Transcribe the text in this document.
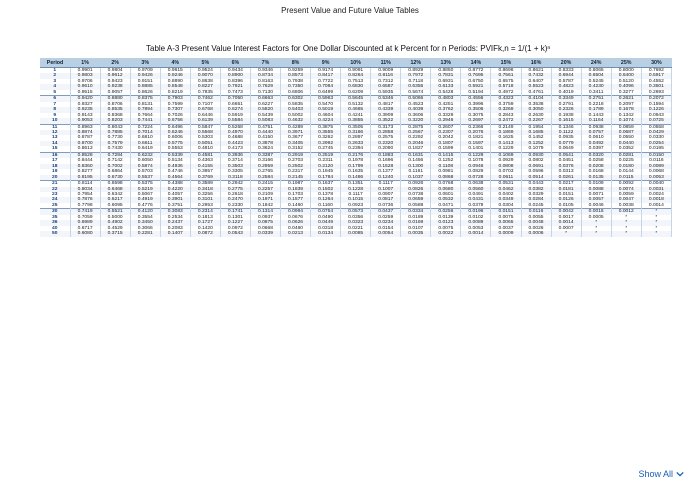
Present Value and Future Value Tables
Table A-3 Present Value Interest Factors for One Dollar Discounted at k Percent for n Periods: PVIFk,n = 1/(1 + k)ⁿ
Period	1%	2%	3%	4%	5%	6%	7%	8%	9%	10%	11%	12%	13%	14%	15%	16%	20%	24%	25%	30%
1	0.9901	0.9804	0.9709	0.9615	0.9524	0.9434	0.9346	0.9259	0.9174	0.9091	0.9009	0.8929	0.8850	0.8772	0.8696	0.8621	0.8333	0.8065	0.8000	0.7692
2	0.9803	0.9612	0.9426	0.9246	0.9070	0.8900	0.8734	0.8573	0.8417	0.8264	0.8116	0.7972	0.7831	0.7695	0.7561	0.7432	0.6944	0.6504	0.6400	0.5917
3	0.9706	0.9423	0.9151	0.8890	0.8638	0.8396	0.8163	0.7938	0.7722	0.7513	0.7312	0.7118	0.6931	0.6750	0.6575	0.6407	0.5787	0.5245	0.5120	0.4552
4	0.9610	0.9238	0.8885	0.8548	0.8227	0.7921	0.7629	0.7350	0.7084	0.6830	0.6587	0.6355	0.6133	0.5921	0.5718	0.5523	0.4823	0.4230	0.4096	0.3501
5	0.9515	0.9057	0.8626	0.8219	0.7835	0.7473	0.7130	0.6806	0.6499	0.6209	0.5935	0.5674	0.5428	0.5194	0.4972	0.4761	0.4019	0.3411	0.3277	0.2693
6	0.9420	0.8880	0.8375	0.7903	0.7462	0.7050	0.6663	0.6302	0.5963	0.5645	0.5346	0.5066	0.4803	0.4556	0.4323	0.4104	0.3349	0.2751	0.2621	0.2072
7	0.9327	0.8706	0.8131	0.7599	0.7107	0.6651	0.6227	0.5835	0.5470	0.5132	0.4817	0.4523	0.4251	0.3996	0.3759	0.3538	0.2791	0.2218	0.2097	0.1594
8	0.9235	0.8535	0.7894	0.7307	0.6768	0.6274	0.5820	0.5403	0.5019	0.4665	0.4339	0.4039	0.3762	0.3506	0.3269	0.3050	0.2326	0.1789	0.1678	0.1226
9	0.9143	0.8368	0.7664	0.7026	0.6446	0.5919	0.5439	0.5002	0.4604	0.4241	0.3909	0.3606	0.3329	0.3075	0.2843	0.2630	0.1938	0.1443	0.1342	0.0943
10	0.9053	0.8203	0.7441	0.6756	0.6139	0.5584	0.5083	0.4632	0.4224	0.3855	0.3522	0.3220	0.2946	0.2697	0.2472	0.2267	0.1615	0.1164	0.1074	0.0725
11	0.8963	0.8043	0.7224	0.6496	0.5847	0.5268	0.4751	0.4289	0.3875	0.3505	0.3173	0.2875	0.2607	0.2366	0.2149	0.1954	0.1346	0.0938	0.0859	0.0558
12	0.8874	0.7885	0.7014	0.6246	0.5568	0.4970	0.4440	0.3971	0.3555	0.3186	0.2858	0.2567	0.2307	0.2076	0.1869	0.1685	0.1122	0.0757	0.0687	0.0429
13	0.8787	0.7730	0.6810	0.6006	0.5303	0.4688	0.4150	0.3677	0.3262	0.2897	0.2575	0.2292	0.2042	0.1821	0.1625	0.1452	0.0935	0.0610	0.0550	0.0330
14	0.8700	0.7579	0.6611	0.5775	0.5051	0.4423	0.3878	0.3405	0.2992	0.2633	0.2320	0.2046	0.1807	0.1597	0.1413	0.1252	0.0779	0.0492	0.0440	0.0254
15	0.8613	0.7430	0.6419	0.5553	0.4810	0.4173	0.3624	0.3152	0.2745	0.2394	0.2090	0.1827	0.1599	0.1401	0.1229	0.1079	0.0649	0.0397	0.0352	0.0195
16	0.8528	0.7284	0.6232	0.5339	0.4581	0.3936	0.3387	0.2919	0.2519	0.2176	0.1883	0.1631	0.1415	0.1229	0.1069	0.0930	0.0541	0.0320	0.0281	0.0150
17	0.8444	0.7142	0.6050	0.5134	0.4363	0.3714	0.3166	0.2703	0.2311	0.1978	0.1696	0.1456	0.1252	0.1078	0.0929	0.0802	0.0451	0.0258	0.0225	0.0116
18	0.8360	0.7002	0.5874	0.4936	0.4155	0.3503	0.2959	0.2502	0.2120	0.1799	0.1528	0.1300	0.1108	0.0946	0.0808	0.0691	0.0376	0.0208	0.0180	0.0089
19	0.8277	0.6864	0.5703	0.4746	0.3957	0.3305	0.2765	0.2317	0.1945	0.1635	0.1377	0.1161	0.0981	0.0829	0.0703	0.0596	0.0313	0.0168	0.0144	0.0068
20	0.8195	0.6730	0.5537	0.4564	0.3769	0.3118	0.2584	0.2145	0.1784	0.1486	0.1240	0.1037	0.0868	0.0728	0.0611	0.0514	0.0261	0.0135	0.0115	0.0053
21	0.8114	0.6598	0.5375	0.4388	0.3589	0.2942	0.2415	0.1987	0.1637	0.1351	0.1117	0.0926	0.0768	0.0638	0.0531	0.0443	0.0217	0.0109	0.0092	0.0040
22	0.8034	0.6468	0.5219	0.4220	0.3418	0.2775	0.2257	0.1839	0.1502	0.1228	0.1007	0.0826	0.0680	0.0560	0.0462	0.0382	0.0181	0.0088	0.0074	0.0031
23	0.7954	0.6342	0.5067	0.4057	0.3256	0.2618	0.2109	0.1703	0.1378	0.1117	0.0907	0.0738	0.0601	0.0491	0.0402	0.0329	0.0151	0.0071	0.0059	0.0024
24	0.7876	0.6217	0.4919	0.3901	0.3101	0.2470	0.1971	0.1577	0.1264	0.1015	0.0817	0.0659	0.0532	0.0431	0.0349	0.0284	0.0126	0.0057	0.0047	0.0018
25	0.7798	0.6095	0.4776	0.3751	0.2953	0.2330	0.1842	0.1460	0.1160	0.0923	0.0736	0.0588	0.0471	0.0378	0.0304	0.0245	0.0105	0.0046	0.0038	0.0014
30	0.7419	0.5521	0.4120	0.3083	0.2314	0.1741	0.1314	0.0994	0.0754	0.0573	0.0437	0.0334	0.0256	0.0196	0.0151	0.0116	0.0042	0.0016	0.0012	*
35	0.7059	0.5000	0.3554	0.2534	0.1813	0.1301	0.0937	0.0676	0.0490	0.0356	0.0259	0.0189	0.0139	0.0102	0.0075	0.0055	0.0017	0.0005	*	*
36	0.6989	0.4902	0.3450	0.2437	0.1727	0.1227	0.0875	0.0626	0.0449	0.0323	0.0234	0.0169	0.0123	0.0089	0.0065	0.0048	0.0014	*	*	*
40	0.6717	0.4529	0.3066	0.2083	0.1420	0.0972	0.0668	0.0460	0.0318	0.0221	0.0154	0.0107	0.0075	0.0053	0.0037	0.0026	0.0007	*	*	*
50	0.6080	0.3715	0.2281	0.1407	0.0872	0.0543	0.0339	0.0213	0.0134	0.0085	0.0054	0.0035	0.0022	0.0014	0.0009	0.0006	*	*	*	*
Show All
